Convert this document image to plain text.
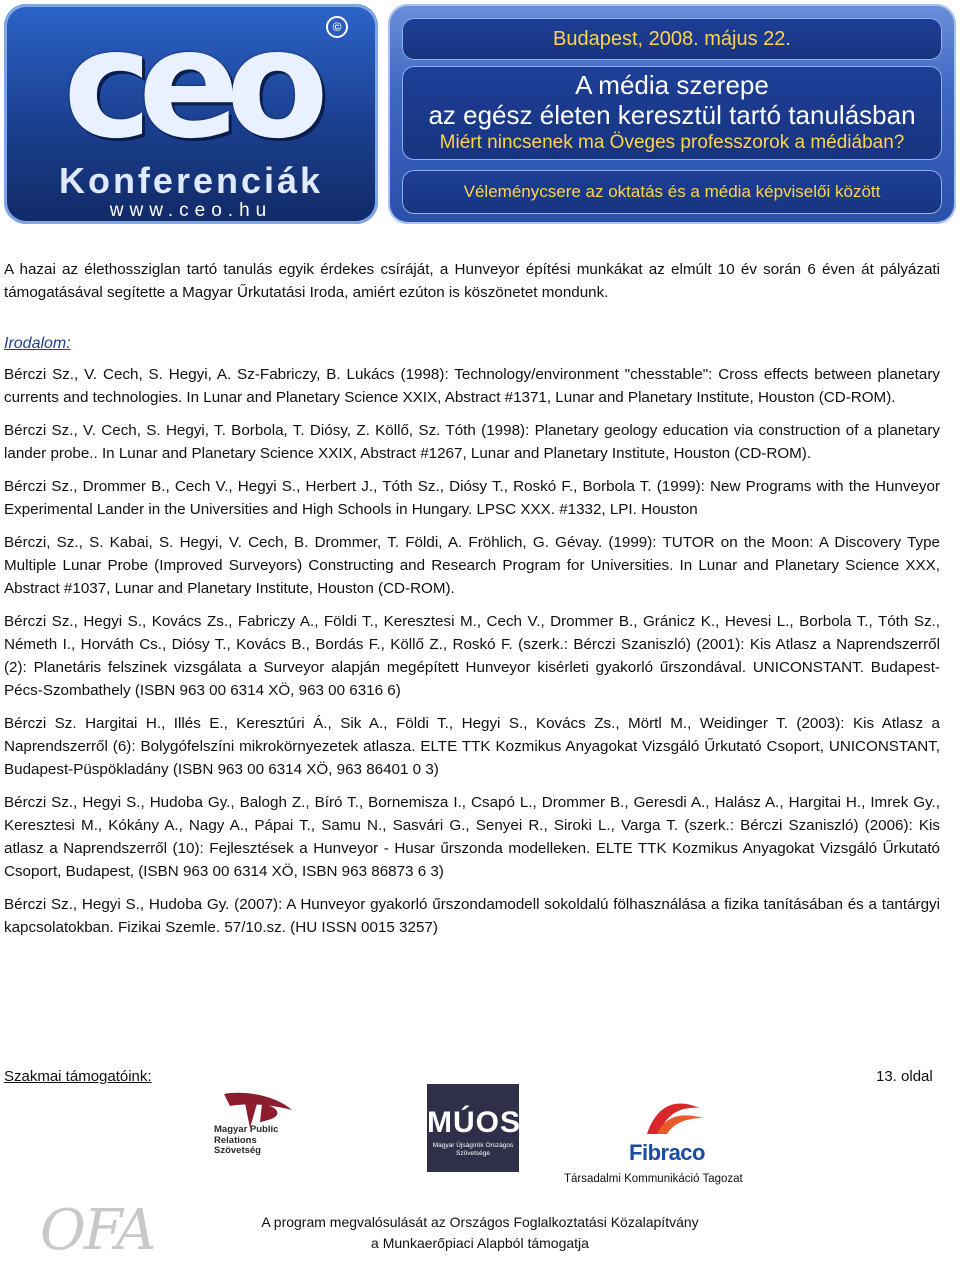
ceo	©
Konferenciák
www.ceo.hu
Budapest, 2008. május 22.
A média szerepe
az egész életen keresztül tartó tanulásban
Miért nincsenek ma Öveges professzorok a médiában?
Véleménycsere az oktatás és a média képviselői között

A hazai az élethossziglan tartó tanulás egyik érdekes csíráját, a Hunveyor építési munkákat az elmúlt 10 év során 6 éven át pályázati támogatásával segítette a Magyar Űrkutatási Iroda, amiért ezúton is köszönetet mondunk.

Irodalom:

Bérczi Sz., V. Cech, S. Hegyi, A. Sz-Fabriczy, B. Lukács (1998): Technology/environment "chesstable": Cross effects between planetary currents and technologies. In Lunar and Planetary Science XXIX, Abstract #1371, Lunar and Planetary Institute, Houston (CD-ROM).

Bérczi Sz., V. Cech, S. Hegyi, T. Borbola, T. Diósy, Z. Köllő, Sz. Tóth (1998): Planetary geology education via construction of a planetary lander probe.. In Lunar and Planetary Science XXIX, Abstract #1267, Lunar and Planetary Institute, Houston (CD-ROM).

Bérczi Sz., Drommer B., Cech V., Hegyi S., Herbert J., Tóth Sz., Diósy T., Roskó F., Borbola T. (1999): New Programs with the Hunveyor Experimental Lander in the Universities and High Schools in Hungary. LPSC XXX. #1332, LPI. Houston

Bérczi, Sz., S. Kabai, S. Hegyi, V. Cech, B. Drommer, T. Földi, A. Fröhlich, G. Gévay. (1999): TUTOR on the Moon: A Discovery Type Multiple Lunar Probe (Improved Surveyors) Constructing and Research Program for Universities. In Lunar and Planetary Science XXX, Abstract #1037, Lunar and Planetary Institute, Houston (CD-ROM).

Bérczi Sz., Hegyi S., Kovács Zs., Fabriczy A., Földi T., Keresztesi M., Cech V., Drommer B., Gránicz K., Hevesi L., Borbola T., Tóth Sz., Németh I., Horváth Cs., Diósy T., Kovács B., Bordás F., Köllő Z., Roskó F. (szerk.: Bérczi Szaniszló) (2001): Kis Atlasz a Naprendszerről (2): Planetáris felszinek vizsgálata a Surveyor alapján megépített Hunveyor kisérleti gyakorló űrszondával. UNICONSTANT. Budapest-Pécs-Szombathely (ISBN 963 00 6314 XÖ, 963 00 6316 6)

Bérczi Sz. Hargitai H., Illés E., Keresztúri Á., Sik A., Földi T., Hegyi S., Kovács Zs., Mörtl M., Weidinger T. (2003): Kis Atlasz a Naprendszerről (6): Bolygófelszíni mikrokörnyezetek atlasza. ELTE TTK Kozmikus Anyagokat Vizsgáló Űrkutató Csoport, UNICONSTANT, Budapest-Püspökladány (ISBN 963 00 6314 XÖ, 963 86401 0 3)

Bérczi Sz., Hegyi S., Hudoba Gy., Balogh Z., Bíró T., Bornemisza I., Csapó L., Drommer B., Geresdi A., Halász A., Hargitai H., Imrek Gy., Keresztesi M., Kókány A., Nagy A., Pápai T., Samu N., Sasvári G., Senyei R., Siroki L., Varga T. (szerk.: Bérczi Szaniszló) (2006): Kis atlasz a Naprendszerről (10): Fejlesztések a Hunveyor - Husar űrszonda modelleken. ELTE TTK Kozmikus Anyagokat Vizsgáló Űrkutató Csoport, Budapest, (ISBN 963 00 6314 XÖ, ISBN 963 86873 6 3)

Bérczi Sz., Hegyi S., Hudoba Gy. (2007): A Hunveyor gyakorló űrszondamodell sokoldalú fölhasználása a fizika tanításában és a tantárgyi kapcsolatokban. Fizikai Szemle. 57/10.sz. (HU ISSN 0015 3257)

Szakmai támogatóink:	13. oldal
Magyar Public Relations Szövetség
MÚOSZ
Magyar Újságírók Országos Szövetsége	Fibraco
Társadalmi Kommunikáció Tagozat
OFA	A program megvalósulását az Országos Foglalkoztatási Közalapítvány
a Munkaerőpiaci Alapból támogatja
